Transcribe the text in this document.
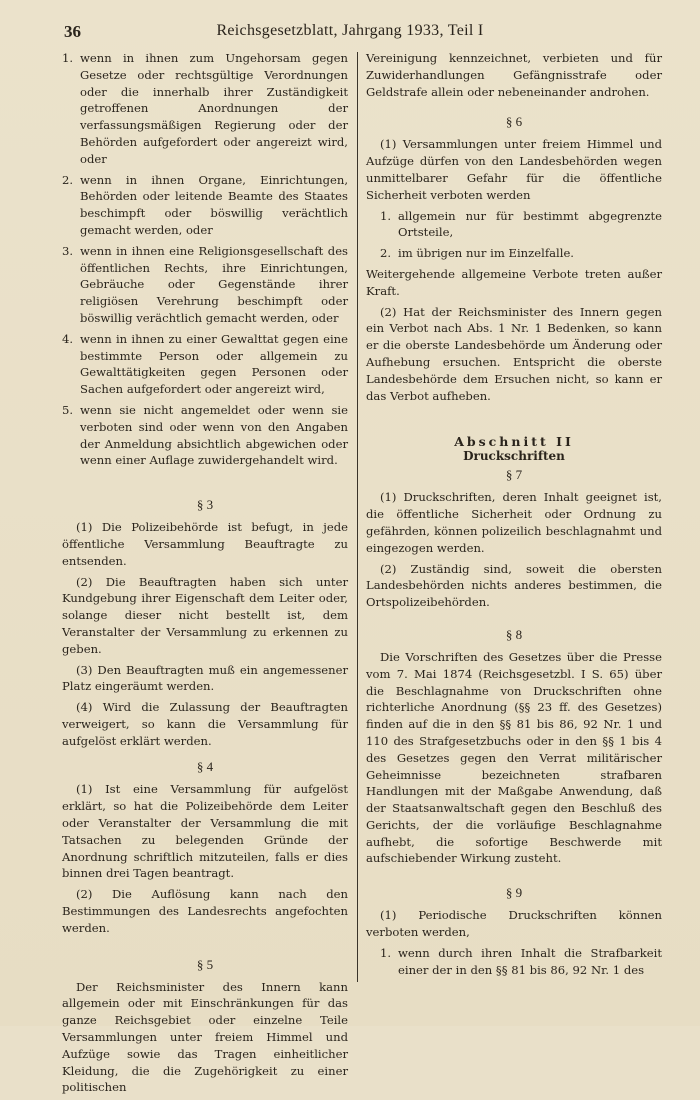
36	Reichsgesetzblatt, Jahrgang 1933, Teil I
1. wenn in ihnen zum Ungehorsam gegen Gesetze oder rechtsgültige Verordnungen oder die innerhalb ihrer Zuständigkeit getroffenen Anordnungen der verfassungsmäßigen Regierung oder der Behörden aufgefordert oder angereizt wird, oder
2. wenn in ihnen Organe, Einrichtungen, Behörden oder leitende Beamte des Staates beschimpft oder böswillig verächtlich gemacht werden, oder
3. wenn in ihnen eine Religionsgesellschaft des öffentlichen Rechts, ihre Einrichtungen, Gebräuche oder Gegenstände ihrer religiösen Verehrung beschimpft oder böswillig verächtlich gemacht werden, oder
4. wenn in ihnen zu einer Gewalttat gegen eine bestimmte Person oder allgemein zu Gewalttätigkeiten gegen Personen oder Sachen aufgefordert oder angereizt wird,
5. wenn sie nicht angemeldet oder wenn sie verboten sind oder wenn von den Angaben der Anmeldung absichtlich abgewichen oder wenn einer Auflage zuwidergehandelt wird.
§ 3

(1) Die Polizeibehörde ist befugt, in jede öffentliche Versammlung Beauftragte zu entsenden.

(2) Die Beauftragten haben sich unter Kundgebung ihrer Eigenschaft dem Leiter oder, solange dieser nicht bestellt ist, dem Veranstalter der Versammlung zu erkennen zu geben.

(3) Den Beauftragten muß ein angemessener Platz eingeräumt werden.

(4) Wird die Zulassung der Beauftragten verweigert, so kann die Versammlung für aufgelöst erklärt werden.

§ 4

(1) Ist eine Versammlung für aufgelöst erklärt, so hat die Polizeibehörde dem Leiter oder Veranstalter der Versammlung die mit Tatsachen zu belegenden Gründe der Anordnung schriftlich mitzuteilen, falls er dies binnen drei Tagen beantragt.

(2) Die Auflösung kann nach den Bestimmungen des Landesrechts angefochten werden.

§ 5

Der Reichsminister des Innern kann allgemein oder mit Einschränkungen für das ganze Reichsgebiet oder einzelne Teile Versammlungen unter freiem Himmel und Aufzüge sowie das Tragen einheitlicher Kleidung, die die Zugehörigkeit zu einer politischen

Vereinigung kennzeichnet, verbieten und für Zuwiderhandlungen Gefängnisstrafe oder Geldstrafe allein oder nebeneinander androhen.

§ 6

(1) Versammlungen unter freiem Himmel und Aufzüge dürfen von den Landesbehörden wegen unmittelbarer Gefahr für die öffentliche Sicherheit verboten werden

1. allgemein nur für bestimmt abgegrenzte Ortsteile,
2. im übrigen nur im Einzelfalle.

Weitergehende allgemeine Verbote treten außer Kraft.

(2) Hat der Reichsminister des Innern gegen ein Verbot nach Abs. 1 Nr. 1 Bedenken, so kann er die oberste Landesbehörde um Änderung oder Aufhebung ersuchen. Entspricht die oberste Landesbehörde dem Ersuchen nicht, so kann er das Verbot aufheben.

Abschnitt II
Druckschriften
§ 7

(1) Druckschriften, deren Inhalt geeignet ist, die öffentliche Sicherheit oder Ordnung zu gefährden, können polizeilich beschlagnahmt und eingezogen werden.

(2) Zuständig sind, soweit die obersten Landesbehörden nichts anderes bestimmen, die Ortspolizeibehörden.

§ 8

Die Vorschriften des Gesetzes über die Presse vom 7. Mai 1874 (Reichsgesetzbl. I S. 65) über die Beschlagnahme von Druckschriften ohne richterliche Anordnung (§§ 23 ff. des Gesetzes) finden auf die in den §§ 81 bis 86, 92 Nr. 1 und 110 des Strafgesetzbuchs oder in den §§ 1 bis 4 des Gesetzes gegen den Verrat militärischer Geheimnisse bezeichneten strafbaren Handlungen mit der Maßgabe Anwendung, daß der Staatsanwaltschaft gegen den Beschluß des Gerichts, der die vorläufige Beschlagnahme aufhebt, die sofortige Beschwerde mit aufschiebender Wirkung zusteht.

§ 9

(1) Periodische Druckschriften können verboten werden,

1. wenn durch ihren Inhalt die Strafbarkeit einer der in den §§ 81 bis 86, 92 Nr. 1 des
